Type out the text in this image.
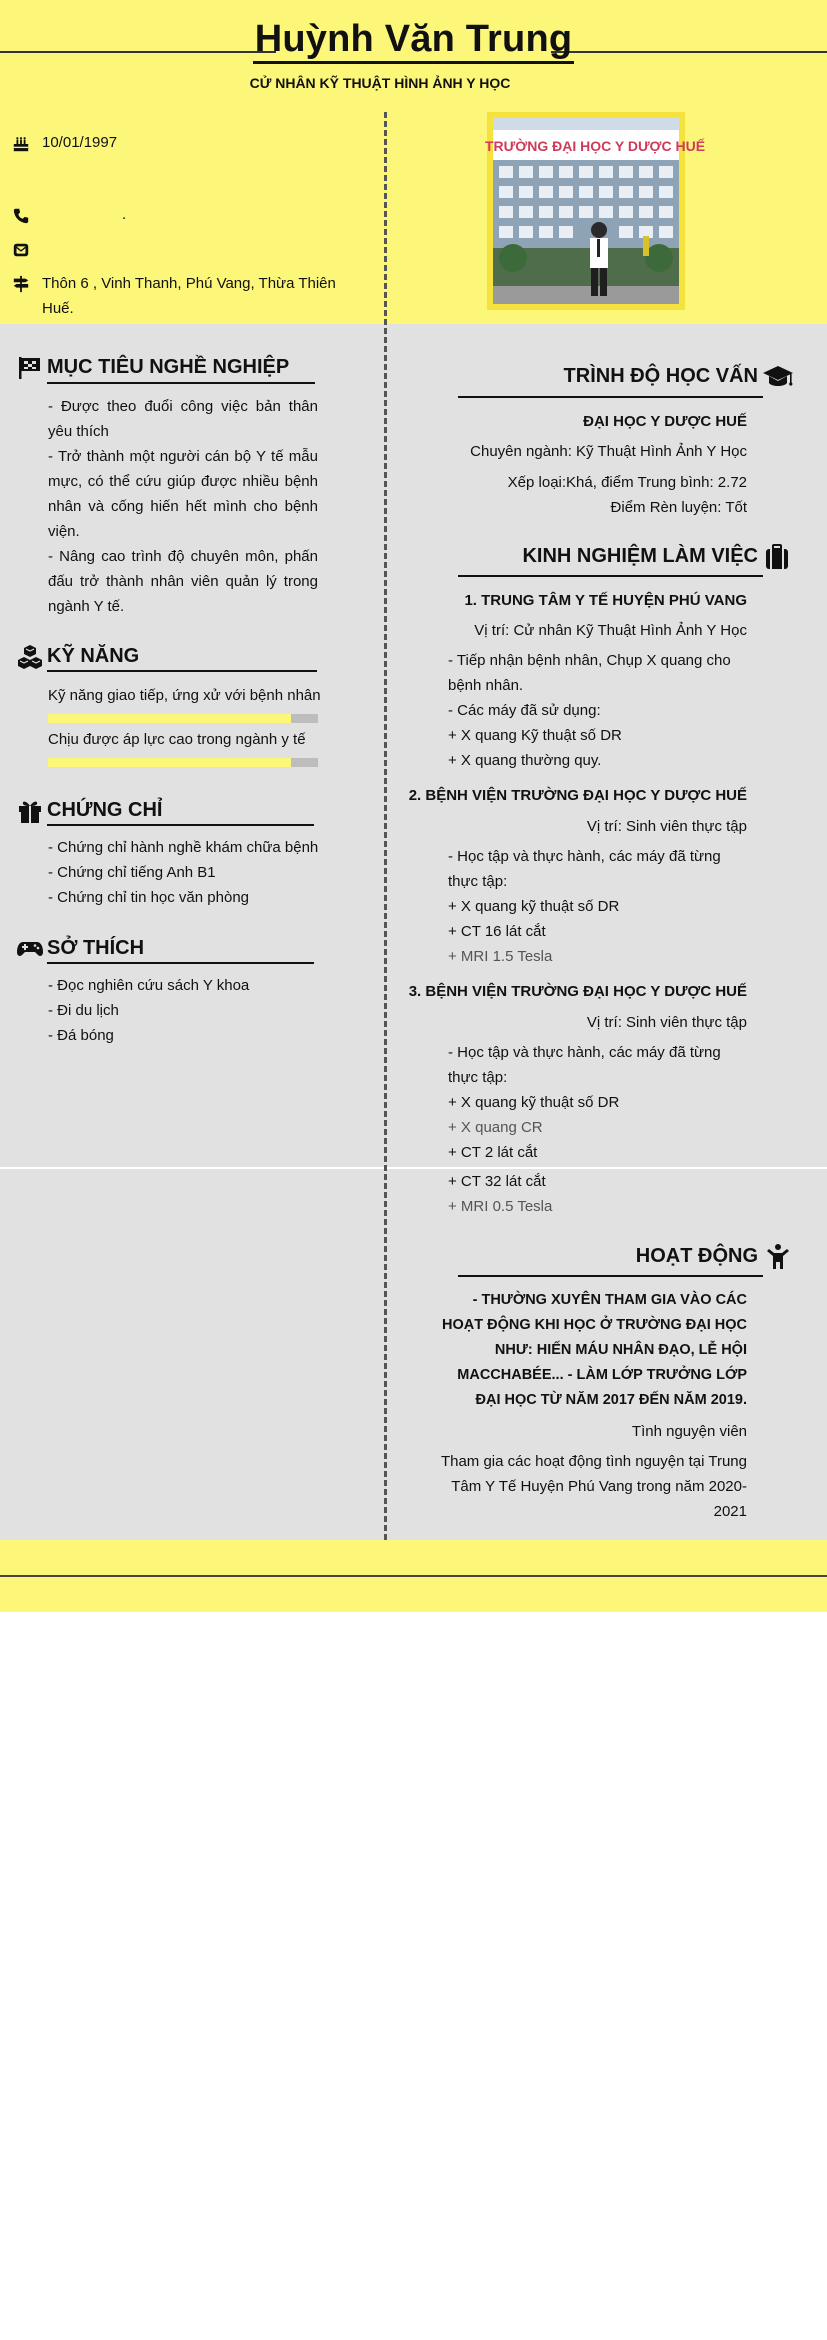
Huỳnh Văn Trung
CỬ NHÂN KỸ THUẬT HÌNH ẢNH Y HỌC
10/01/1997
.
Thôn 6 , Vinh Thanh, Phú Vang, Thừa Thiên Huế.
TRƯỜNG ĐẠI HỌC Y DƯỢC HUẾ
MỤC TIÊU NGHỀ NGHIỆP
- Được theo đuổi công việc bản thân yêu thích
- Trở thành một người cán bộ Y tế mẫu mực, có thể cứu giúp được nhiều bệnh nhân và cống hiến hết mình cho bệnh viện.
- Nâng cao trình độ chuyên môn, phấn đấu trở thành nhân viên quản lý trong ngành Y tế.
KỸ NĂNG
Kỹ năng giao tiếp, ứng xử với bệnh nhân
Chịu được áp lực cao trong ngành y tế
CHỨNG CHỈ
- Chứng chỉ hành nghề khám chữa bệnh
- Chứng chỉ tiếng Anh B1
- Chứng chỉ tin học văn phòng
SỞ THÍCH
- Đọc nghiên cứu sách Y khoa
- Đi du lịch
- Đá bóng
TRÌNH ĐỘ HỌC VẤN
ĐẠI HỌC Y DƯỢC HUẾ
Chuyên ngành: Kỹ Thuật Hình Ảnh Y Học
Xếp loại:Khá, điểm Trung bình: 2.72
Điểm Rèn luyện: Tốt
KINH NGHIỆM LÀM VIỆC
1. TRUNG TÂM Y TẾ HUYỆN PHÚ VANG
Vị trí: Cử nhân Kỹ Thuật Hình Ảnh Y Học
- Tiếp nhận bệnh nhân, Chụp X quang cho bệnh nhân.
- Các máy đã sử dụng:
+ X quang Kỹ thuật số DR
+ X quang thường quy.
2. BỆNH VIỆN TRƯỜNG ĐẠI HỌC Y DƯỢC HUẾ
Vị trí: Sinh viên thực tập
- Học tập và thực hành, các máy đã từng thực tập:
+ X quang kỹ thuật số DR
+ CT 16 lát cắt
+ MRI 1.5 Tesla
3. BỆNH VIỆN TRƯỜNG ĐẠI HỌC Y DƯỢC HUẾ
Vị trí: Sinh viên thực tập
- Học tập và thực hành, các máy đã từng thực tập:
+ X quang kỹ thuật số DR
+ X quang CR
+ CT 2 lát cắt
+ CT 32 lát cắt
+ MRI 0.5 Tesla
HOẠT ĐỘNG
- THƯỜNG XUYÊN THAM GIA VÀO CÁC HOẠT ĐỘNG KHI HỌC Ở TRƯỜNG ĐẠI HỌC NHƯ: HIẾN MÁU NHÂN ĐẠO, LỄ HỘI MACCHABÉE... - LÀM LỚP TRƯỞNG LỚP ĐẠI HỌC TỪ NĂM 2017 ĐẾN NĂM 2019.
Tình nguyện viên
Tham gia các hoạt động tình nguyện tại Trung Tâm Y Tế Huyện Phú Vang trong năm 2020-2021
